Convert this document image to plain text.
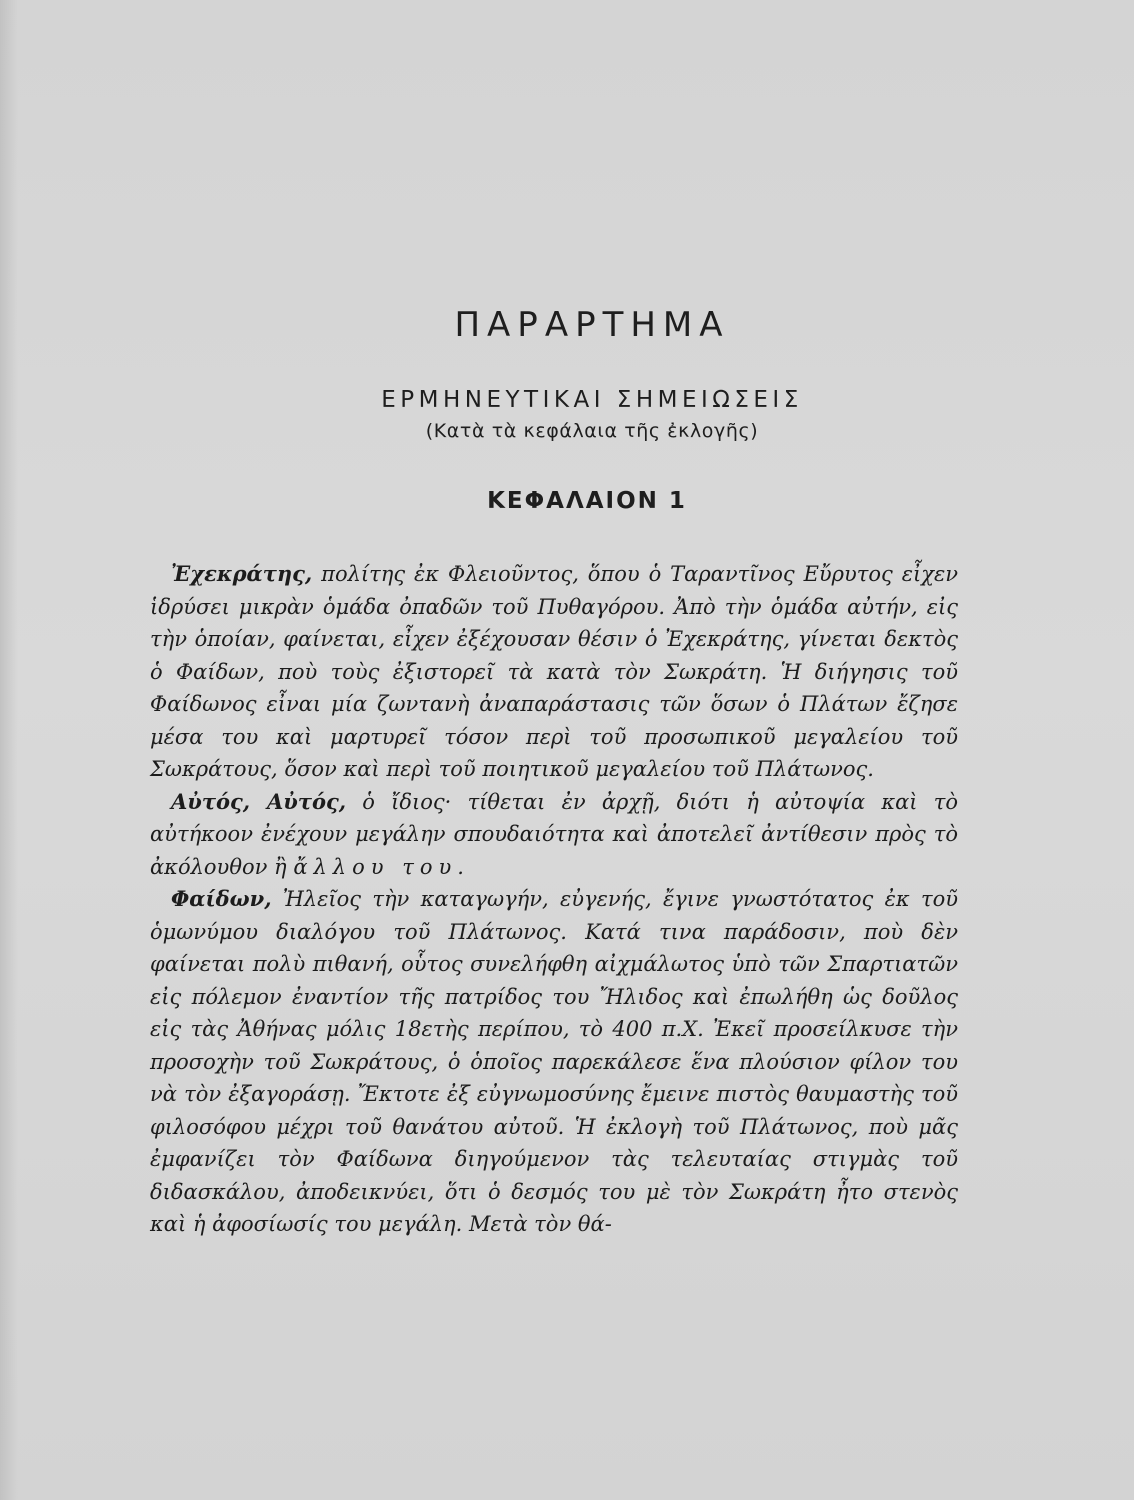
ΠΑΡΑΡΤΗΜΑ
ΕΡΜΗΝΕΥΤΙΚΑΙ ΣΗΜΕΙΩΣΕΙΣ
(Κατὰ τὰ κεφάλαια τῆς ἐκλογῆς)
ΚΕΦΑΛΑΙΟΝ 1

 Ἐχεκράτης, πολίτης ἐκ Φλειοῦντος, ὅπου ὁ Ταραντῖνος Εὔρυτος εἶχεν ἱδρύσει μικρὰν ὁμάδα ὀπαδῶν τοῦ Πυθαγόρου. Ἀπὸ τὴν ὁμάδα αὐτήν, εἰς τὴν ὁποίαν, φαίνεται, εἶχεν ἐξέχουσαν θέσιν ὁ Ἐχεκράτης, γίνεται δεκτὸς ὁ Φαίδων, ποὺ τοὺς ἐξιστορεῖ τὰ κατὰ τὸν Σωκράτη. Ἡ διήγησις τοῦ Φαίδωνος εἶναι μία ζωντανὴ ἀναπαράστασις τῶν ὅσων ὁ Πλάτων ἔζησε μέσα του καὶ μαρτυρεῖ τόσον περὶ τοῦ προσωπικοῦ μεγαλείου τοῦ Σωκράτους, ὅσον καὶ περὶ τοῦ ποιητικοῦ μεγαλείου τοῦ Πλάτωνος.

 Αὐτός, Αὐτός, ὁ ἴδιος· τίθεται ἐν ἀρχῇ, διότι ἡ αὐτοψία καὶ τὸ αὐτήκοον ἐνέχουν μεγάλην σπουδαιότητα καὶ ἀποτελεῖ ἀντίθεσιν πρὸς τὸ ἀκόλουθον ἢ ἄλλου του.

 Φαίδων, Ἠλεῖος τὴν καταγωγήν, εὐγενής, ἔγινε γνωστότατος ἐκ τοῦ ὁμωνύμου διαλόγου τοῦ Πλάτωνος. Κατά τινα παράδοσιν, ποὺ δὲν φαίνεται πολὺ πιθανή, οὗτος συνελήφθη αἰχμάλωτος ὑπὸ τῶν Σπαρτιατῶν εἰς πόλεμον ἐναντίον τῆς πατρίδος του Ἤλιδος καὶ ἐπωλήθη ὡς δοῦλος εἰς τὰς Ἀθήνας μόλις 18ετὴς περίπου, τὸ 400 π.Χ. Ἐκεῖ προσείλκυσε τὴν προσοχὴν τοῦ Σωκράτους, ὁ ὁποῖος παρεκάλεσε ἕνα πλούσιον φίλον του νὰ τὸν ἐξαγοράσῃ. Ἔκτοτε ἐξ εὐγνωμοσύνης ἔμεινε πιστὸς θαυμαστὴς τοῦ φιλοσόφου μέχρι τοῦ θανάτου αὐτοῦ. Ἡ ἐκλογὴ τοῦ Πλάτωνος, ποὺ μᾶς ἐμφανίζει τὸν Φαίδωνα διηγούμενον τὰς τελευταίας στιγμὰς τοῦ διδασκάλου, ἀποδεικνύει, ὅτι ὁ δεσμός του μὲ τὸν Σωκράτη ἦτο στενὸς καὶ ἡ ἀφοσίωσίς του μεγάλη. Μετὰ τὸν θά-
